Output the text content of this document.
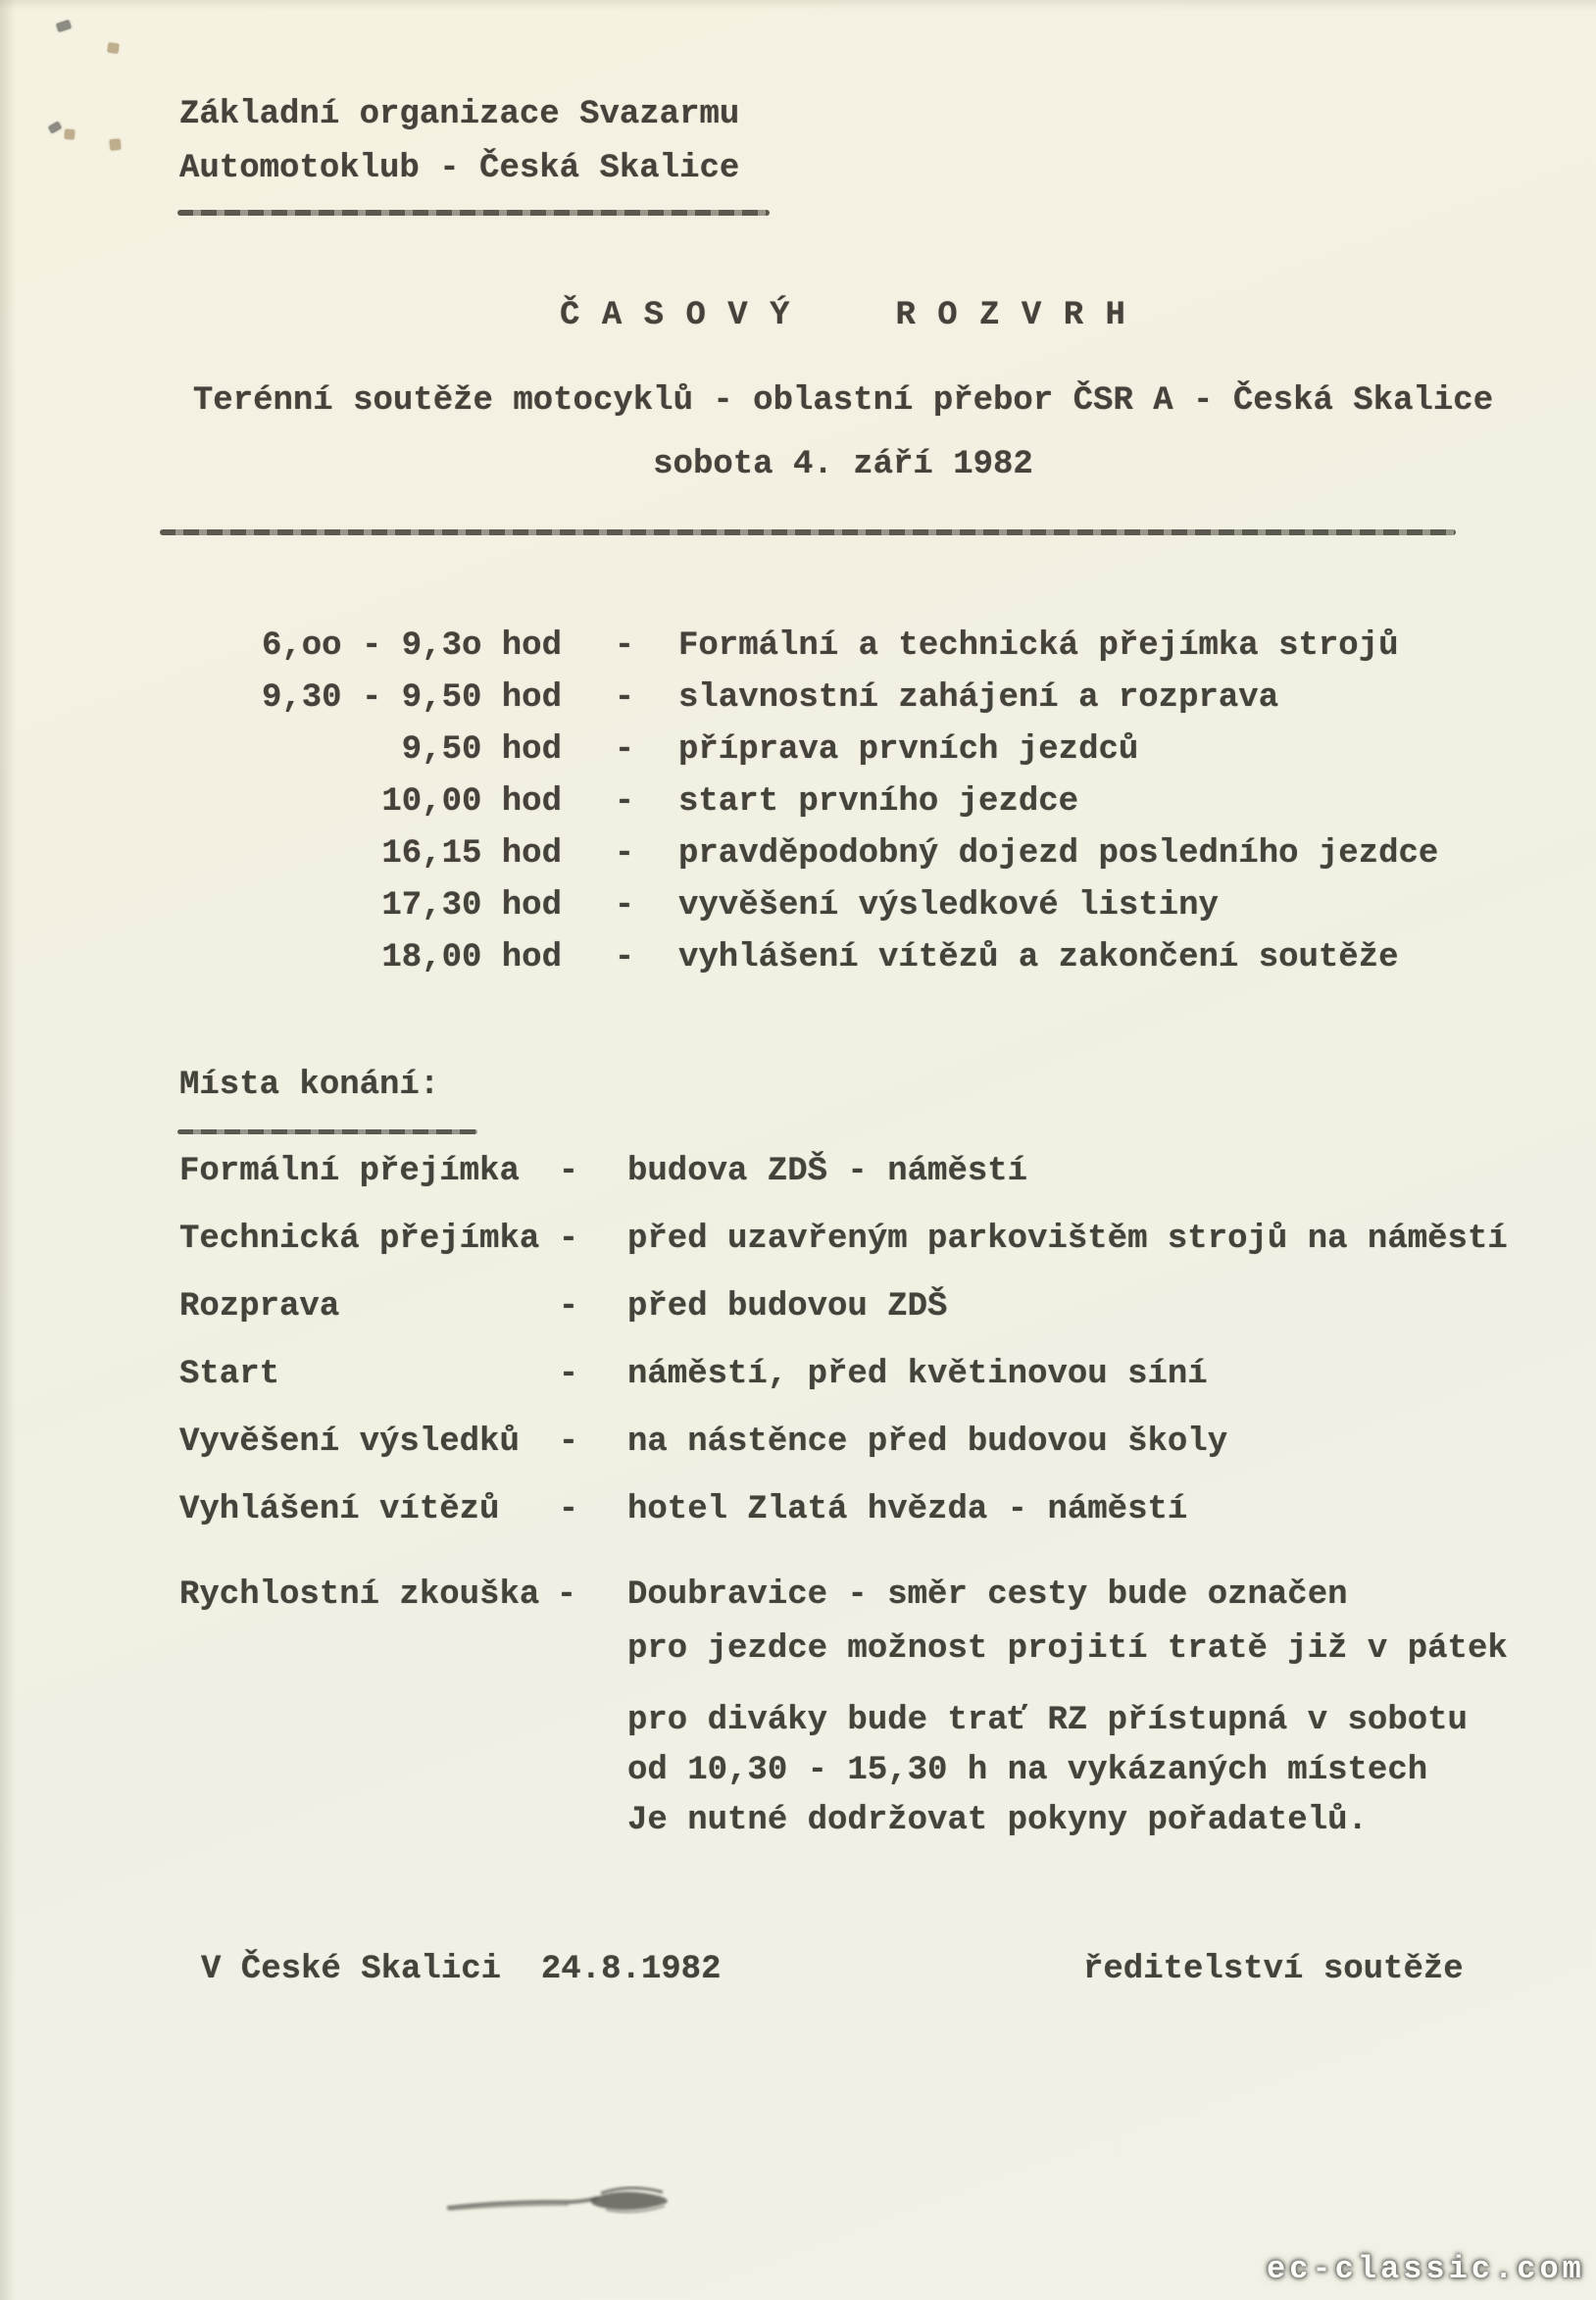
Základní organizace Svazarmu
Automotoklub - Česká Skalice
Č A S O V Ý     R O Z V R H
Terénní soutěže motocyklů - oblastní přebor ČSR A - Česká Skalice
sobota 4. září 1982
6,oo - 9,3o hod	-	Formální a technická přejímka strojů
9,30 - 9,50 hod	-	slavnostní zahájení a rozprava
9,50 hod	-	příprava prvních jezdců
10,00 hod	-	start prvního jezdce
16,15 hod	-	pravděpodobný dojezd posledního jezdce
17,30 hod	-	vyvěšení výsledkové listiny
18,00 hod	-	vyhlášení vítězů a zakončení soutěže
Místa konání:
Formální přejímka	-	budova ZDŠ - náměstí
Technická přejímka -	před uzavřeným parkovištěm strojů na náměstí
Rozprava	-	před budovou ZDŠ
Start	-	náměstí, před květinovou síní
Vyvěšení výsledků	-	na nástěnce před budovou školy
Vyhlášení vítězů	-	hotel Zlatá hvězda - náměstí
Rychlostní zkouška -	Doubravice - směr cesty bude označen
pro jezdce možnost projití tratě již v pátek
pro diváky bude trať RZ přístupná v sobotu
od 10,30 - 15,30 h na vykázaných místech
Je nutné dodržovat pokyny pořadatelů.
V České Skalici  24.8.1982	ředitelství soutěže
ec-classic.com
